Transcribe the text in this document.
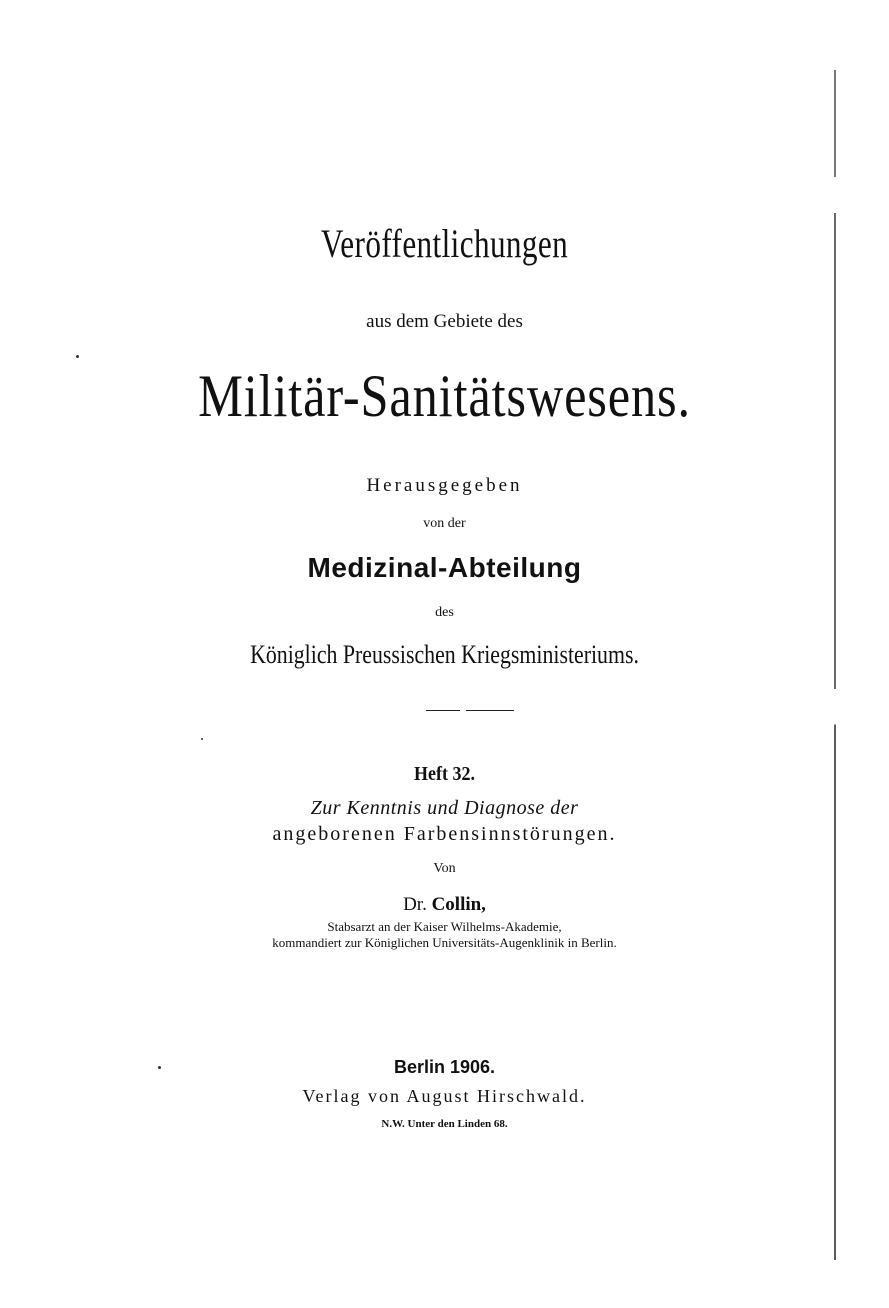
Veröffentlichungen
aus dem Gebiete des
Militär-Sanitätswesens.
Herausgegeben
von der
Medizinal-Abteilung
des
Königlich Preussischen Kriegsministeriums.
Heft 32.
Zur Kenntnis und Diagnose der
angeborenen Farbensinnstörungen.
Von
Dr. Collin,
Stabsarzt an der Kaiser Wilhelms-Akademie,
kommandiert zur Königlichen Universitäts-Augenklinik in Berlin.
Berlin 1906.
Verlag von August Hirschwald.
N.W. Unter den Linden 68.
